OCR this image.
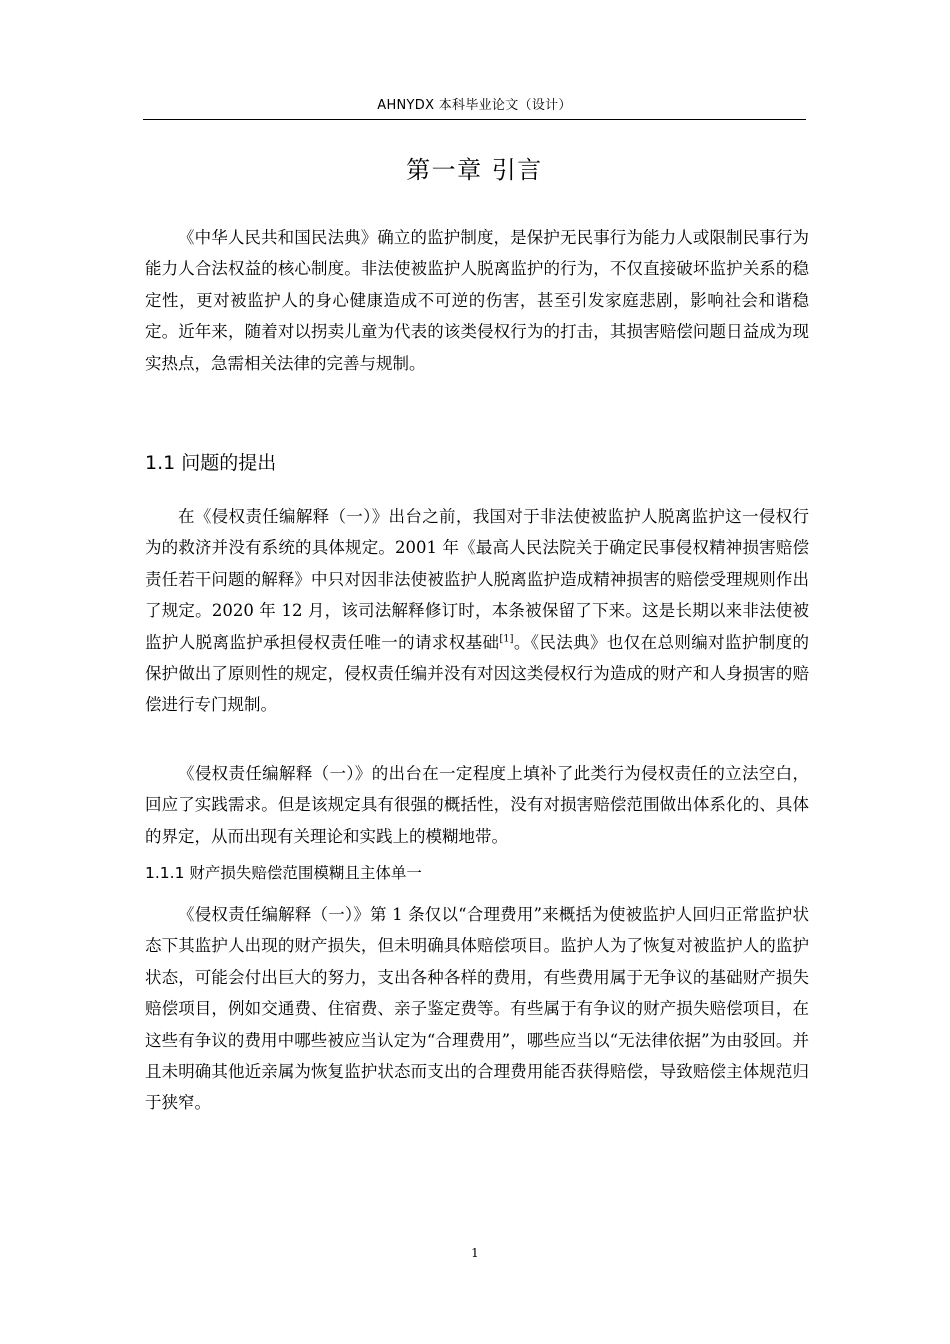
AHNYDX 本科毕业论文（设计）
第一章 引言

《中华人民共和国民法典》确立的监护制度，是保护无民事行为能力人或限制民事行为能力人合法权益的核心制度。非法使被监护人脱离监护的行为，不仅直接破坏监护关系的稳定性，更对被监护人的身心健康造成不可逆的伤害，甚至引发家庭悲剧，影响社会和谐稳定。近年来，随着对以拐卖儿童为代表的该类侵权行为的打击，其损害赔偿问题日益成为现实热点，急需相关法律的完善与规制。

1.1 问题的提出

在《侵权责任编解释（一）》出台之前，我国对于非法使被监护人脱离监护这一侵权行为的救济并没有系统的具体规定。2001 年《最高人民法院关于确定民事侵权精神损害赔偿责任若干问题的解释》中只对因非法使被监护人脱离监护造成精神损害的赔偿受理规则作出了规定。2020 年 12 月，该司法解释修订时，本条被保留了下来。这是长期以来非法使被监护人脱离监护承担侵权责任唯一的请求权基础[1]。《民法典》也仅在总则编对监护制度的保护做出了原则性的规定，侵权责任编并没有对因这类侵权行为造成的财产和人身损害的赔偿进行专门规制。

《侵权责任编解释（一）》的出台在一定程度上填补了此类行为侵权责任的立法空白，回应了实践需求。但是该规定具有很强的概括性，没有对损害赔偿范围做出体系化的、具体的界定，从而出现有关理论和实践上的模糊地带。

1.1.1 财产损失赔偿范围模糊且主体单一

《侵权责任编解释（一）》第 1 条仅以“合理费用”来概括为使被监护人回归正常监护状态下其监护人出现的财产损失，但未明确具体赔偿项目。监护人为了恢复对被监护人的监护状态，可能会付出巨大的努力，支出各种各样的费用，有些费用属于无争议的基础财产损失赔偿项目，例如交通费、住宿费、亲子鉴定费等。有些属于有争议的财产损失赔偿项目，在这些有争议的费用中哪些被应当认定为“合理费用”，哪些应当以“无法律依据”为由驳回。并且未明确其他近亲属为恢复监护状态而支出的合理费用能否获得赔偿，导致赔偿主体规范归于狭窄。

1
